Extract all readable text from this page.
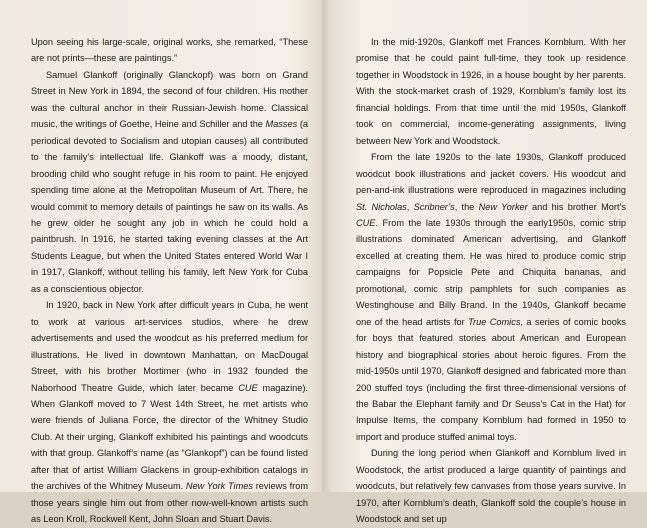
Upon seeing his large-scale, original works, she remarked, “These are not prints—these are paintings.”

Samuel Glankoff (originally Glanckopf) was born on Grand Street in New York in 1894, the second of four children. His mother was the cultural anchor in their Russian-Jewish home. Classical music, the writings of Goethe, Heine and Schiller and the Masses (a periodical devoted to Socialism and utopian causes) all contributed to the family’s intellectual life. Glankoff was a moody, distant, brooding child who sought refuge in his room to paint. He enjoyed spending time alone at the Metropolitan Museum of Art. There, he would commit to memory details of paintings he saw on its walls. As he grew older he sought any job in which he could hold a paintbrush. In 1916, he started taking evening classes at the Art Students League, but when the United States entered World War I in 1917, Glankoff, without telling his family, left New York for Cuba as a conscientious objector.

In 1920, back in New York after difficult years in Cuba, he went to work at various art-services studios, where he drew advertisements and used the woodcut as his preferred medium for illustrations. He lived in downtown Manhattan, on MacDougal Street, with his brother Mortimer (who in 1932 founded the Naborhood Theatre Guide, which later became CUE magazine). When Glankoff moved to 7 West 14th Street, he met artists who were friends of Juliana Force, the director of the Whitney Studio Club. At their urging, Glankoff exhibited his paintings and woodcuts with that group. Glankoff’s name (as “Glankopf”) can be found listed after that of artist William Glackens in group-exhibition catalogs in the archives of the Whitney Museum. New York Times reviews from those years single him out from other now-well-known artists such as Leon Kroll, Rockwell Kent, John Sloan and Stuart Davis.

In the mid-1920s, Glankoff met Frances Kornblum. With her promise that he could paint full-time, they took up residence together in Woodstock in 1926, in a house bought by her parents. With the stock-market crash of 1929, Kornblum’s family lost its financial holdings. From that time until the mid 1950s, Glankoff took on commercial, income-generating assignments, living between New York and Woodstock.

From the late 1920s to the late 1930s, Glankoff produced woodcut book illustrations and jacket covers. His woodcut and pen-and-ink illustrations were reproduced in magazines including St. Nicholas, Scribner’s, the New Yorker and his brother Mort’s CUE. From the late 1930s through the early1950s, comic strip illustrations dominated American advertising, and Glankoff excelled at creating them. He was hired to produce comic strip campaigns for Popsicle Pete and Chiquita bananas, and promotional, comic strip pamphlets for such companies as Westinghouse and Billy Brand. In the 1940s, Glankoff became one of the head artists for True Comics, a series of comic books for boys that featured stories about American and European history and biographical stories about heroic figures. From the mid-1950s until 1970, Glankoff designed and fabricated more than 200 stuffed toys (including the first three-dimensional versions of the Babar the Elephant family and Dr Seuss’s Cat in the Hat) for Impulse Items, the company Kornblum had formed in 1950 to import and produce stuffed animal toys.

During the long period when Glankoff and Kornblum lived in Woodstock, the artist produced a large quantity of paintings and woodcuts, but relatively few canvases from those years survive. In 1970, after Kornblum’s death, Glankoff sold the couple’s house in Woodstock and set up
